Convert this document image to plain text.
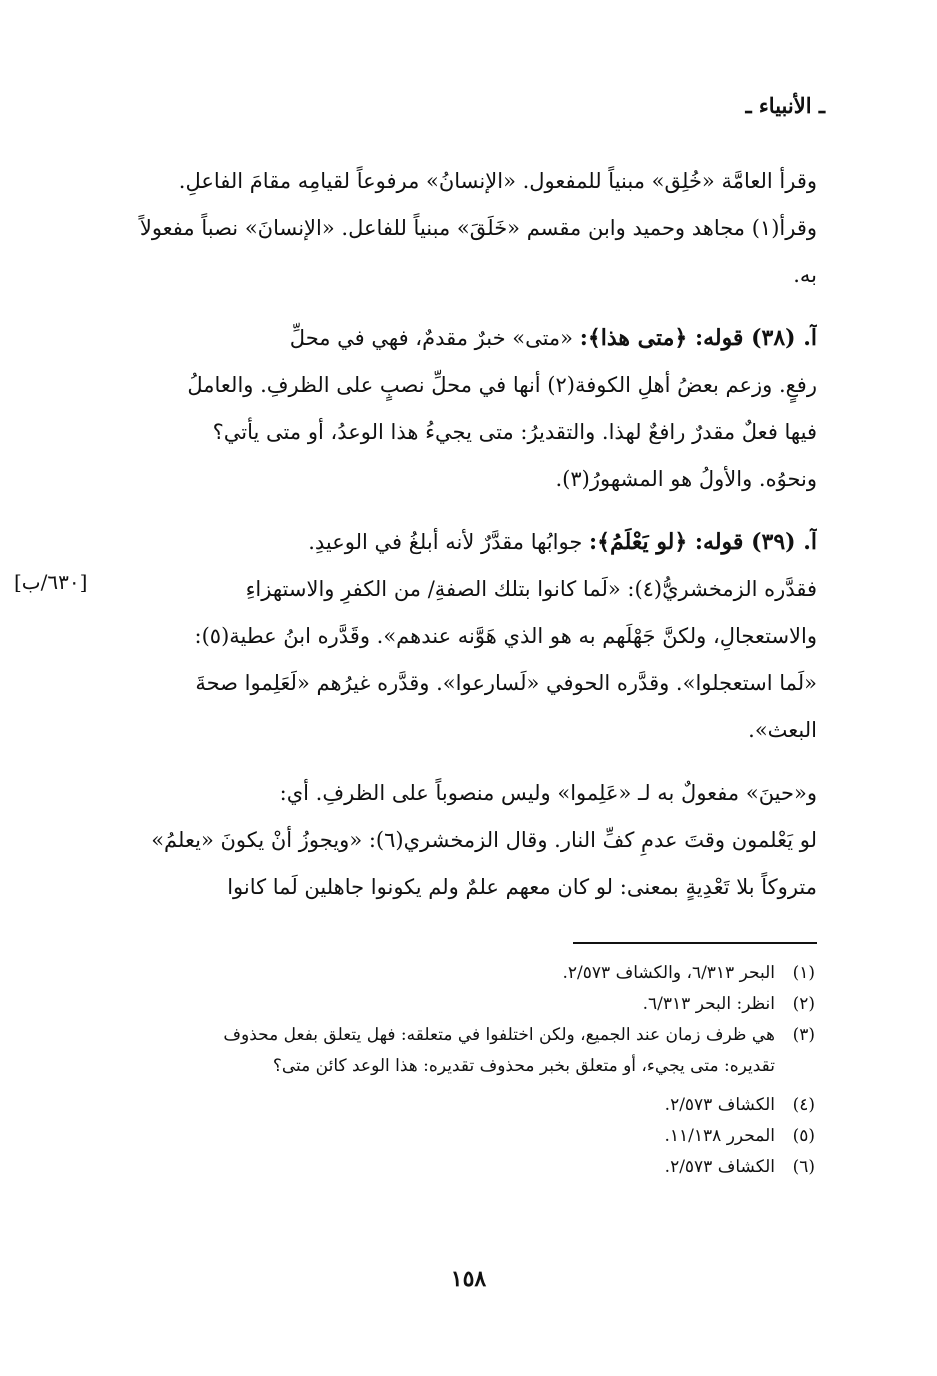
ـ الأنبياء ـ
[٦٣٠/ب]

وقرأ العامَّة «خُلِق» مبنياً للمفعول. «الإنسانُ» مرفوعاً لقيامِه مقامَ الفاعلِ.
وقرأ(١) مجاهد وحميد وابن مقسم «خَلَقَ» مبنياً للفاعل. «الإنسانَ» نصباً مفعولاً
به.

آ. (٣٨) قوله: ﴿متى هذا﴾: «متى» خبرٌ مقدمٌ، فهي في محلِّ
رفعٍ. وزعم بعضُ أهلِ الكوفة(٢) أنها في محلِّ نصبٍ على الظرفِ. والعاملُ
فيها فعلٌ مقدرٌ رافعٌ لهذا. والتقديرُ: متى يجيءُ هذا الوعدُ، أو متى يأتي؟
ونحوُه. والأولُ هو المشهورُ(٣).

آ. (٣٩) قوله: ﴿لو يَعْلَمُ﴾: جوابُها مقدَّرٌ لأنه أبلغُ في الوعيدِ.
فقدَّره الزمخشريُّ(٤): «لَما كانوا بتلك الصفةِ/ من الكفرِ والاستهزاءِ
والاستعجالِ، ولكنَّ جَهْلَهم به هو الذي هَوَّنه عندهم». وقَدَّره ابنُ عطية(٥):
«لَما استعجلوا». وقدَّره الحوفي «لَسارعوا». وقدَّره غيرُهم «لَعَلِموا صحةَ
البعث».

و«حينَ» مفعولٌ به لـ «عَلِموا» وليس منصوباً على الظرفِ. أي:
لو يَعْلمون وقتَ عدمِ كفِّ النار. وقال الزمخشري(٦): «ويجوزُ أنْ يكونَ «يعلمُ»
متروكاً بلا تَعْدِيةٍ بمعنى: لو كان معهم علمٌ ولم يكونوا جاهلين لَما كانوا

(١)
البحر ٦/٣١٣، والكشاف ٢/٥٧٣.
(٢)
انظر: البحر ٦/٣١٣.
(٣)
هي ظرف زمان عند الجميع، ولكن اختلفوا في متعلقه: فهل يتعلق بفعل محذوف
تقديره: متى يجيء، أو متعلق بخبر محذوف تقديره: هذا الوعد كائن متى؟
(٤)
الكشاف ٢/٥٧٣.
(٥)
المحرر ١١/١٣٨.
(٦)
الكشاف ٢/٥٧٣.
١٥٨
